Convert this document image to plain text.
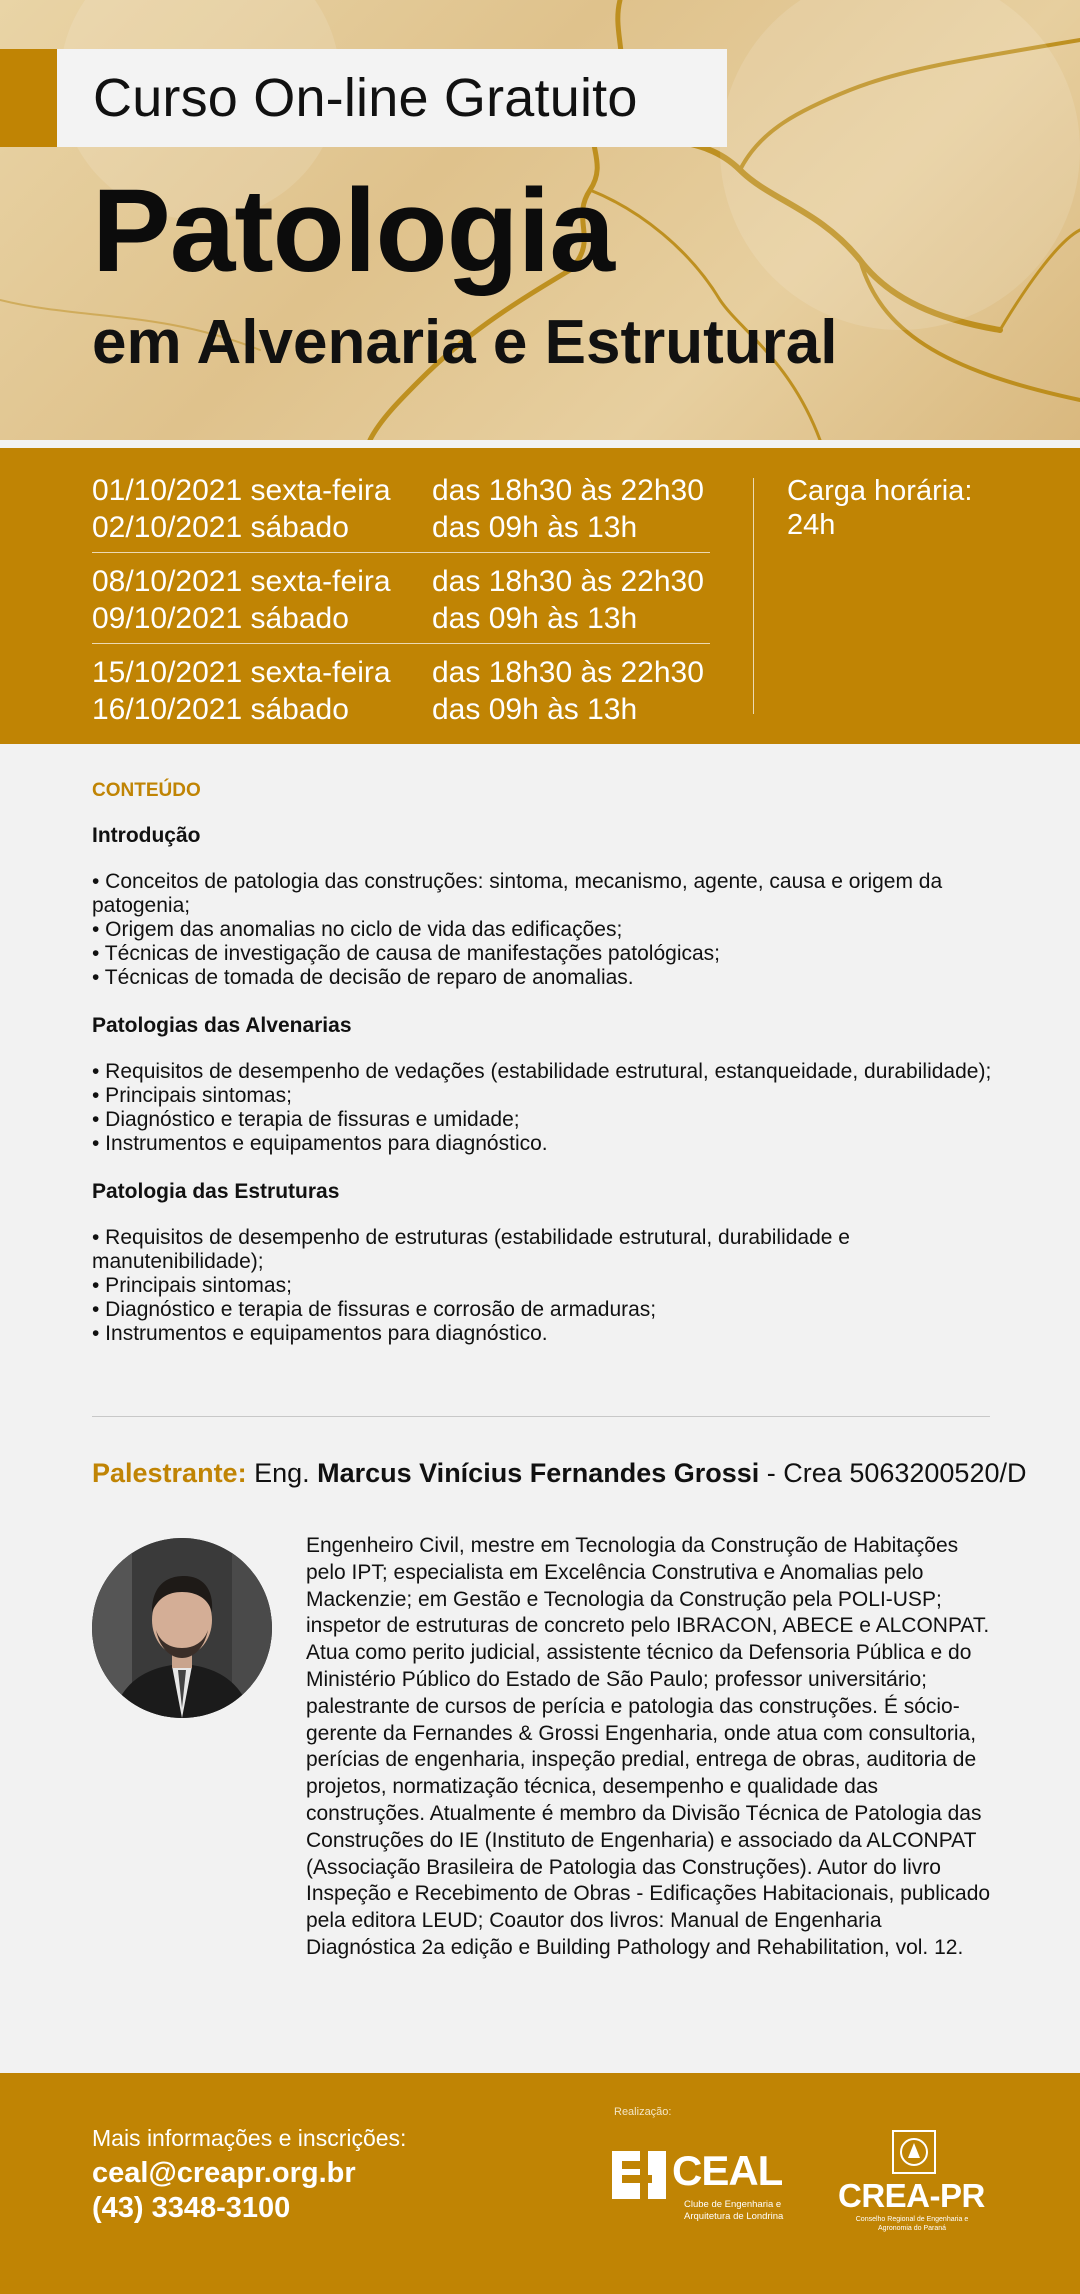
Curso On-line Gratuito
Patologia
em Alvenaria e Estrutural
01/10/2021 sexta-feira	das 18h30 às 22h30
02/10/2021 sábado	das 09h às 13h
08/10/2021 sexta-feira	das 18h30 às 22h30
09/10/2021 sábado	das 09h às 13h
15/10/2021 sexta-feira	das 18h30 às 22h30
16/10/2021 sábado	das 09h às 13h
Carga horária:
24h
CONTEÚDO
Introdução
• Conceitos de patologia das construções: sintoma, mecanismo, agente, causa e origem da patogenia;
• Origem das anomalias no ciclo de vida das edificações;
• Técnicas de investigação de causa de manifestações patológicas;
• Técnicas de tomada de decisão de reparo de anomalias.
Patologias das Alvenarias
• Requisitos de desempenho de vedações (estabilidade estrutural, estanqueidade, durabilidade);
• Principais sintomas;
• Diagnóstico e terapia de fissuras e umidade;
• Instrumentos e equipamentos para diagnóstico.
Patologia das Estruturas
• Requisitos de desempenho de estruturas (estabilidade estrutural, durabilidade e manutenibilidade);
• Principais sintomas;
• Diagnóstico e terapia de fissuras e corrosão de armaduras;
• Instrumentos e equipamentos para diagnóstico.
Palestrante: Eng. Marcus Vinícius Fernandes Grossi - Crea 5063200520/D
Engenheiro Civil, mestre em Tecnologia da Construção de Habitações pelo IPT; especialista em Excelência Construtiva e Anomalias pelo Mackenzie; em Gestão e Tecnologia da Construção pela POLI-USP; inspetor de estruturas de concreto pelo IBRACON, ABECE e ALCONPAT. Atua como perito judicial, assistente técnico da Defensoria Pública e do Ministério Público do Estado de São Paulo; professor universitário; palestrante de cursos de perícia e patologia das construções. É sócio-gerente da Fernandes & Grossi Engenharia, onde atua com consultoria, perícias de engenharia, inspeção predial, entrega de obras, auditoria de projetos, normatização técnica, desempenho e qualidade das construções. Atualmente é membro da Divisão Técnica de Patologia das Construções do IE (Instituto de Engenharia) e associado da ALCONPAT (Associação Brasileira de Patologia das Construções). Autor do livro Inspeção e Recebimento de Obras - Edificações Habitacionais, publicado pela editora LEUD; Coautor dos livros: Manual de Engenharia Diagnóstica 2a edição e Building Pathology and Rehabilitation, vol. 12.
Mais informações e inscrições:
ceal@creapr.org.br
(43) 3348-3100
Realização:
CEAL
Clube de Engenharia e Arquitetura de Londrina
CREA-PR
Conselho Regional de Engenharia e Agronomia do Paraná
